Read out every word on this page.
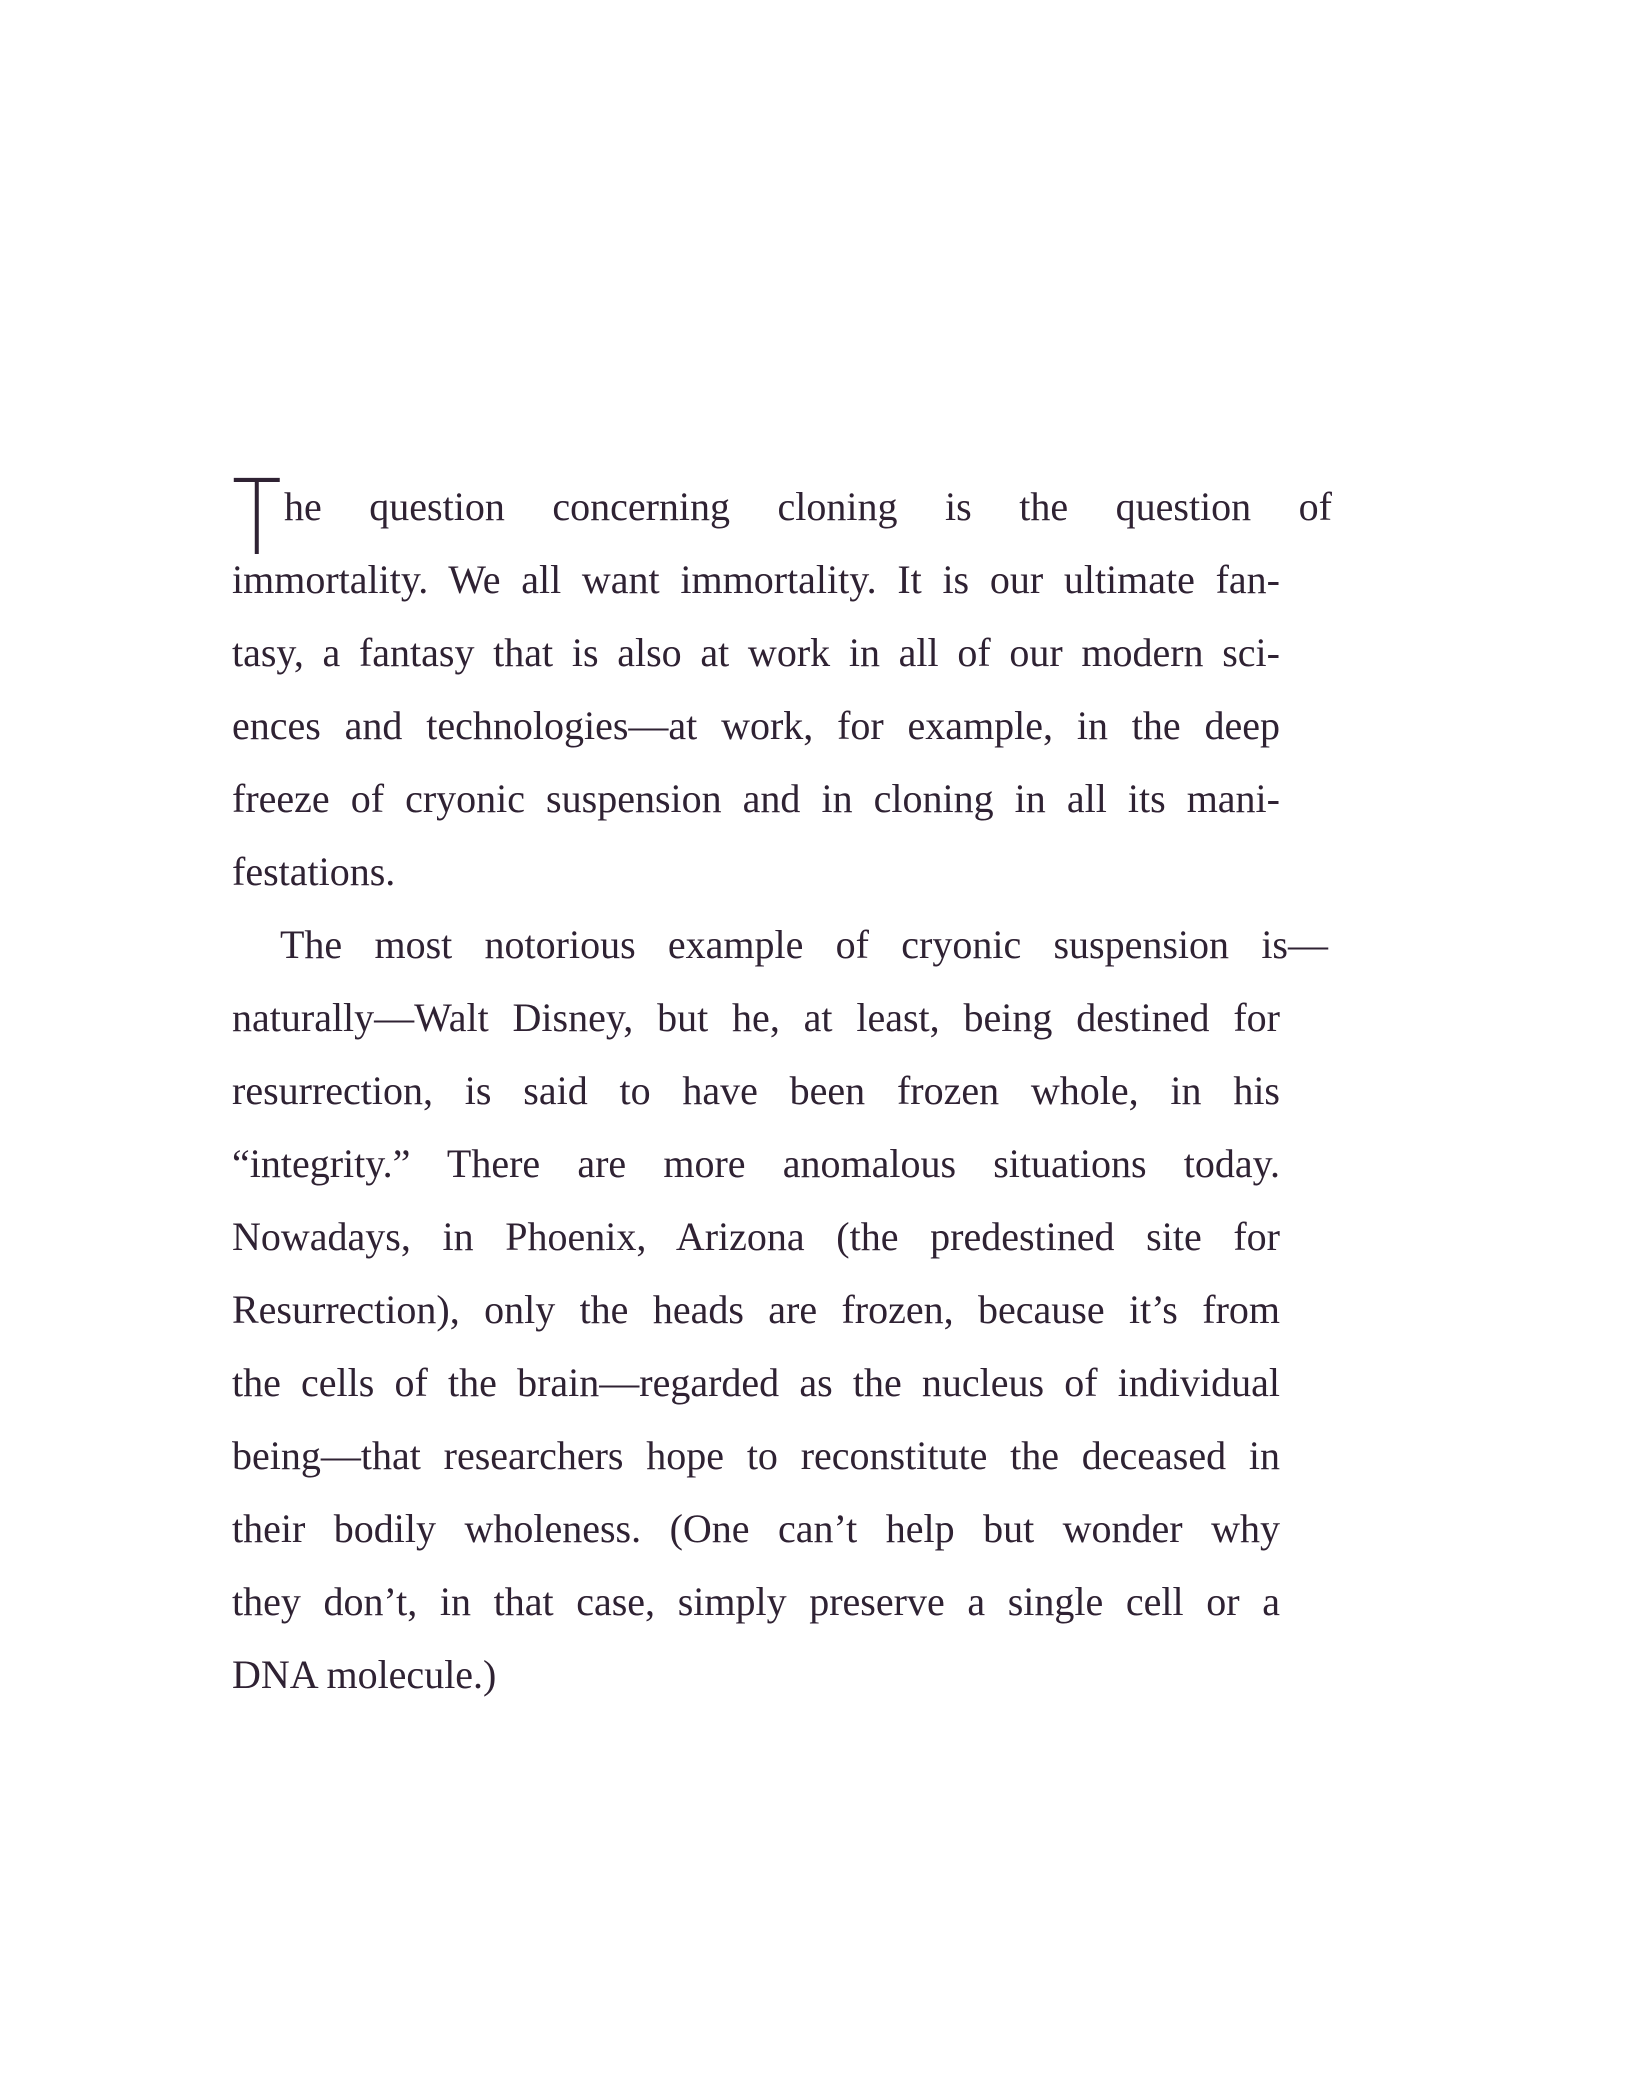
T he question concerning cloning is the question of
immortality. We all want immortality. It is our ultimate fan-
tasy, a fantasy that is also at work in all of our modern sci-
ences and technologies—at work, for example, in the deep
freeze of cryonic suspension and in cloning in all its mani-
festations.
The most notorious example of cryonic suspension is—
naturally—Walt Disney, but he, at least, being destined for
resurrection, is said to have been frozen whole, in his
“integrity.” There are more anomalous situations today.
Nowadays, in Phoenix, Arizona (the predestined site for
Resurrection), only the heads are frozen, because it’s from
the cells of the brain—regarded as the nucleus of individual
being—that researchers hope to reconstitute the deceased in
their bodily wholeness. (One can’t help but wonder why
they don’t, in that case, simply preserve a single cell or a
DNA molecule.)
